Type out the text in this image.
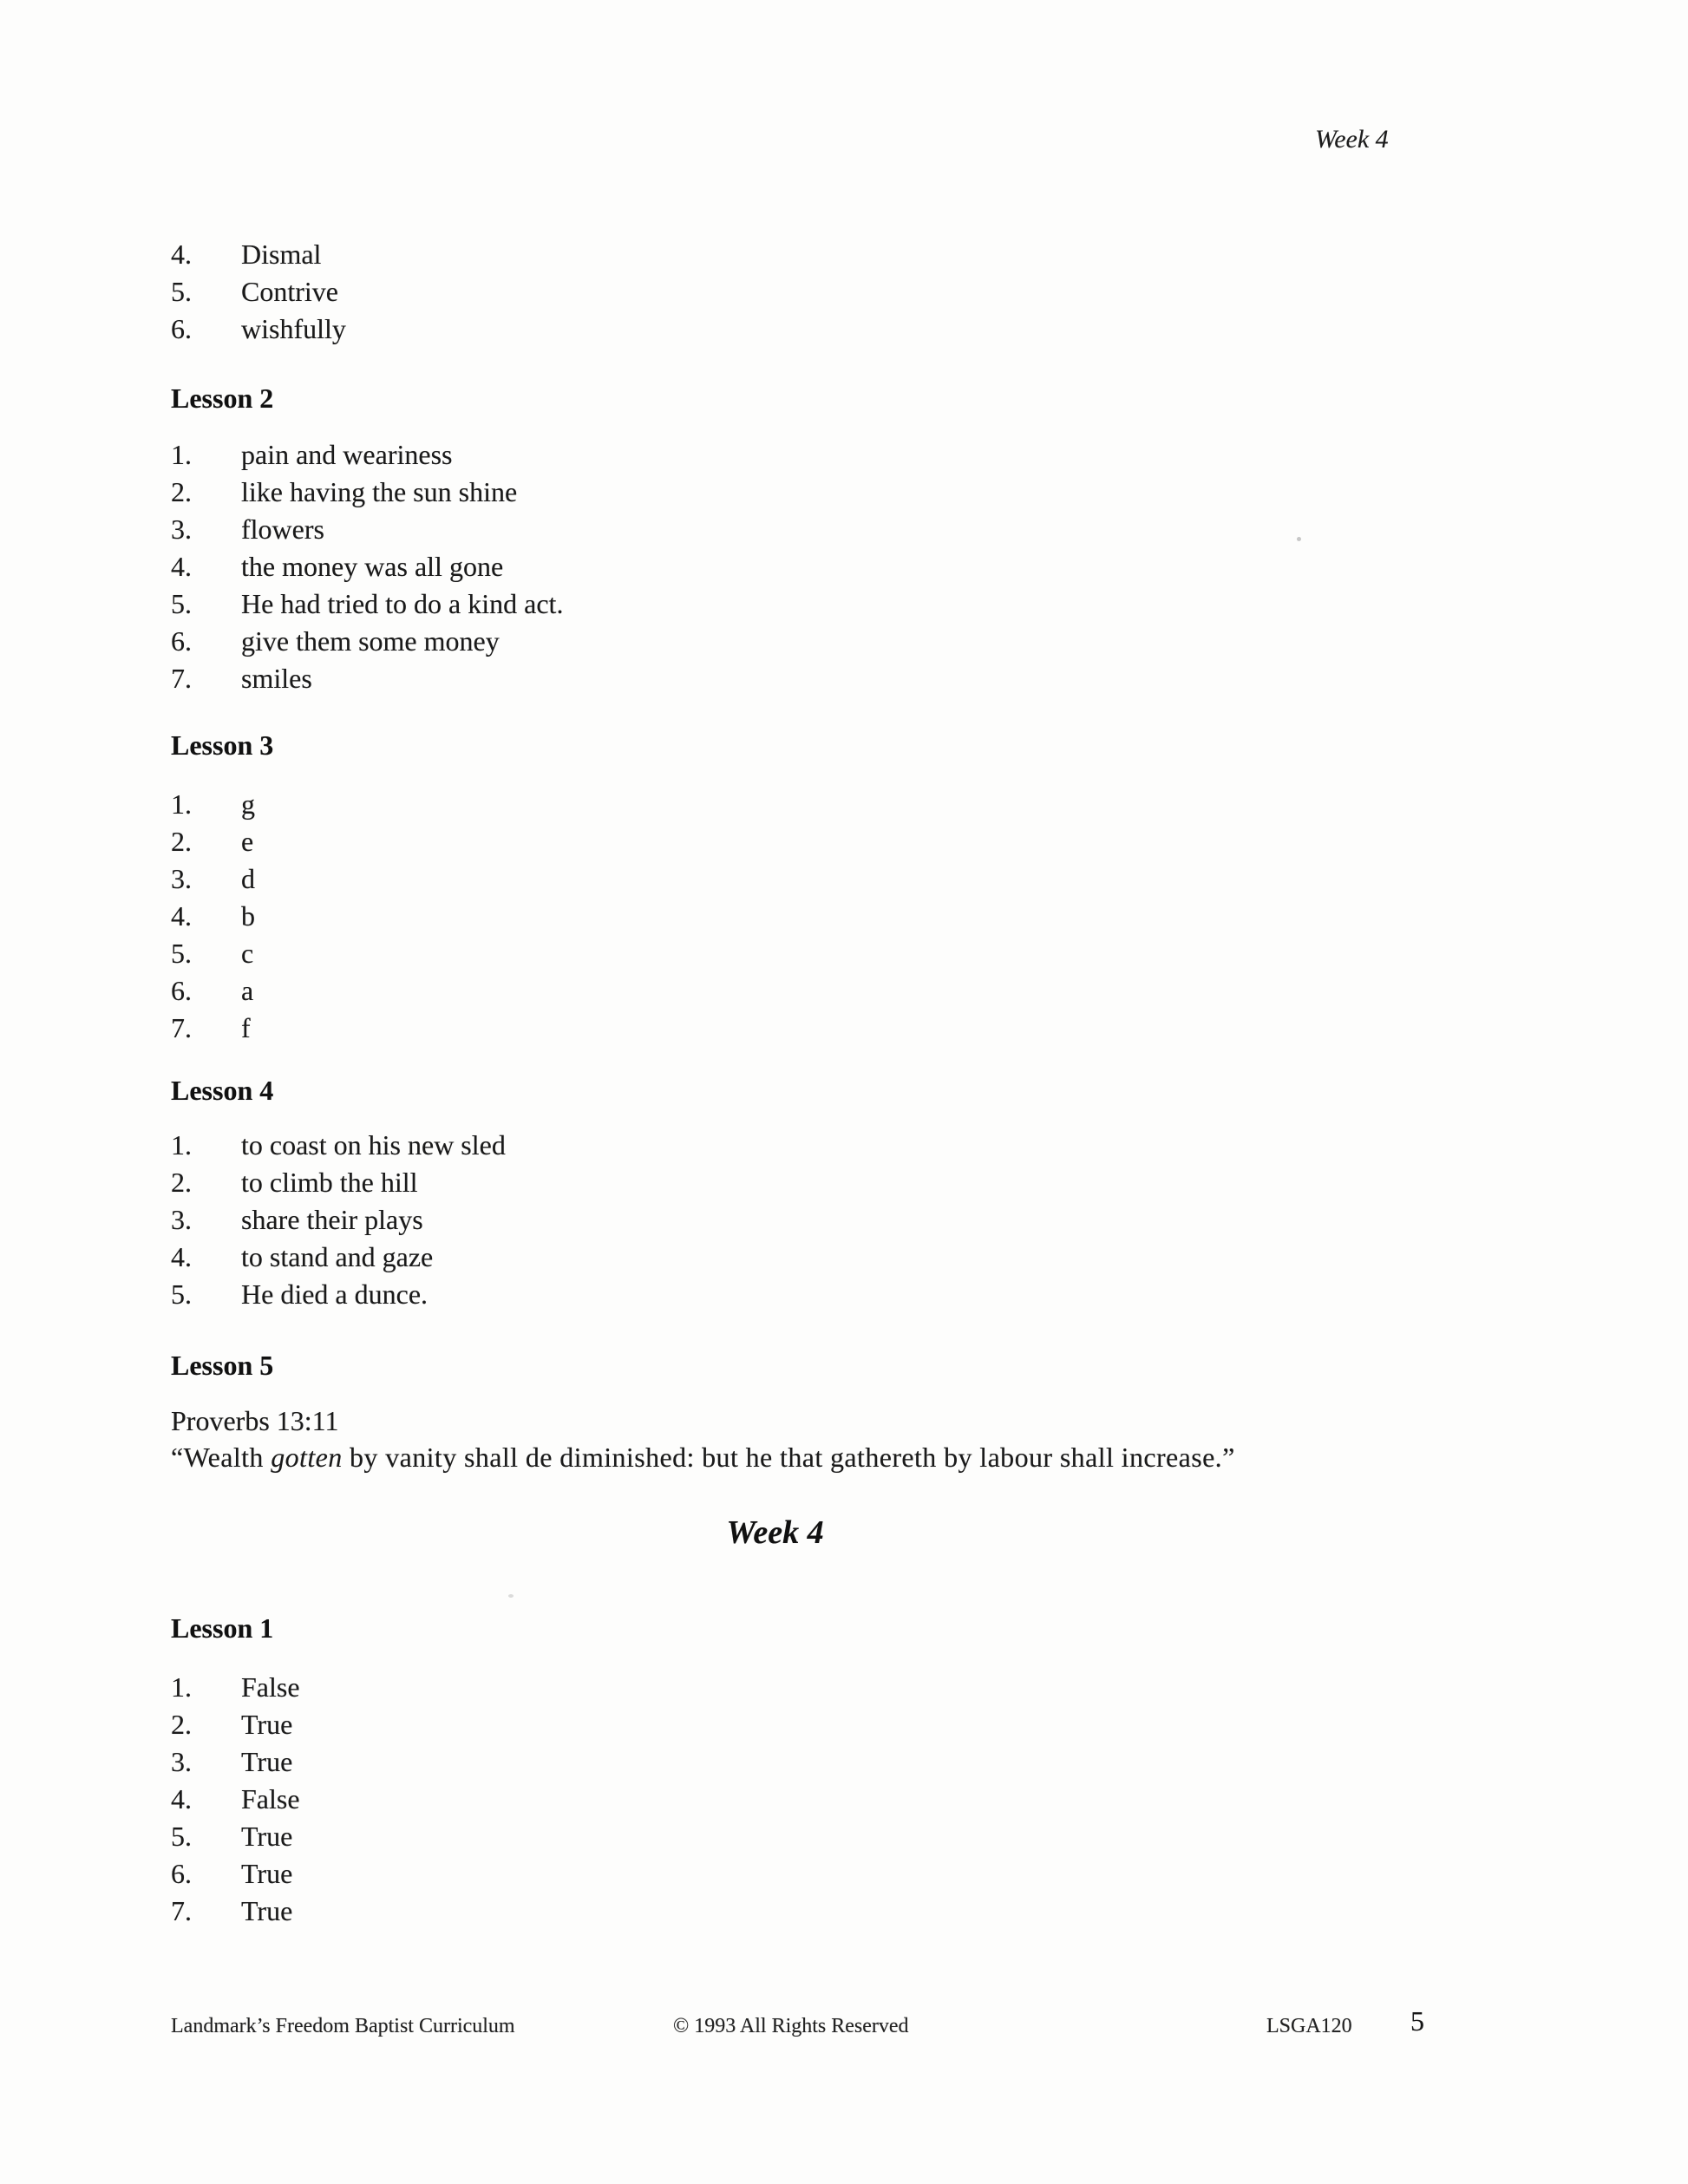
Week 4
4.	Dismal
5.	Contrive
6.	wishfully
Lesson 2
1.	pain and weariness
2.	like having the sun shine
3.	flowers
4.	the money was all gone
5.	He had tried to do a kind act.
6.	give them some money
7.	smiles
Lesson 3
1.	g
2.	e
3.	d
4.	b
5.	c
6.	a
7.	f
Lesson 4
1.	to coast on his new sled
2.	to climb the hill
3.	share their plays
4.	to stand and gaze
5.	He died a dunce.
Lesson 5
Proverbs 13:11
“Wealth gotten by vanity shall de diminished: but he that gathereth by labour shall increase.”
Week 4
Lesson 1
1.	False
2.	True
3.	True
4.	False
5.	True
6.	True
7.	True
Landmark’s Freedom Baptist Curriculum	© 1993 All Rights Reserved	LSGA120 5
